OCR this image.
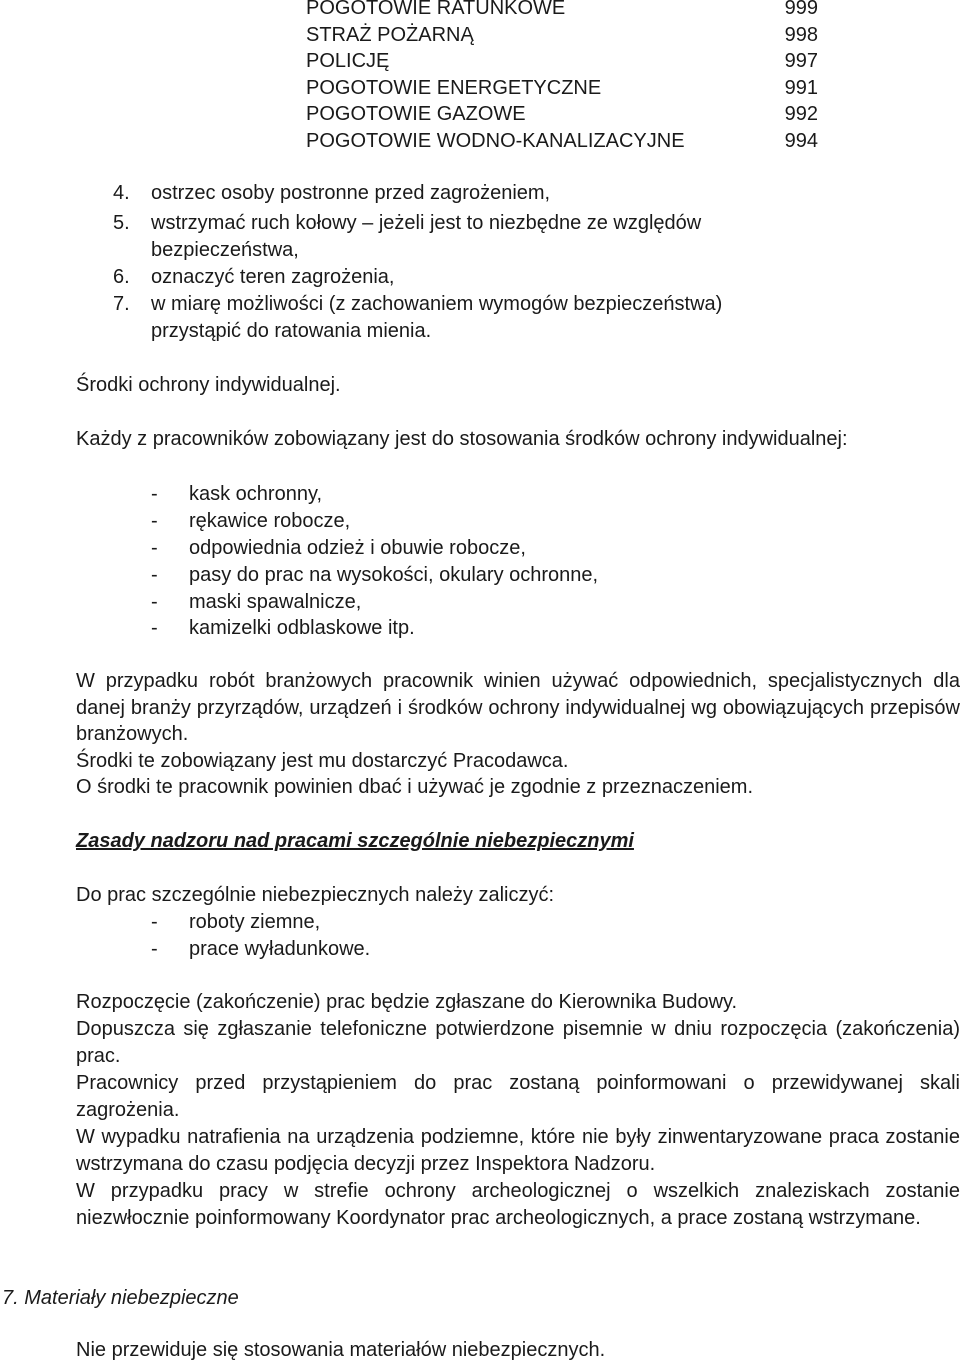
POGOTOWIE RATUNKOWE	999
STRAŻ POŻARNĄ	998
POLICJĘ	997
POGOTOWIE ENERGETYCZNE	991
POGOTOWIE GAZOWE	992
POGOTOWIE WODNO-KANALIZACYJNE	994
4. ostrzec osoby postronne przed zagrożeniem,
5. wstrzymać ruch kołowy – jeżeli jest to niezbędne ze względów
bezpieczeństwa,
6. oznaczyć teren zagrożenia,
7. w miarę możliwości (z zachowaniem wymogów bezpieczeństwa)
przystąpić do ratowania mienia.
Środki ochrony indywidualnej.
Każdy z pracowników zobowiązany jest do stosowania środków ochrony indywidualnej:
- kask ochronny,
- rękawice robocze,
- odpowiednia odzież i obuwie robocze,
- pasy do prac na wysokości, okulary ochronne,
- maski spawalnicze,
- kamizelki odblaskowe itp.
W przypadku robót branżowych pracownik winien używać odpowiednich, specjalistycznych dla danej branży przyrządów, urządzeń i środków ochrony indywidualnej wg obowiązujących przepisów branżowych.
Środki te zobowiązany jest mu dostarczyć Pracodawca.
O środki te pracownik powinien dbać i używać je zgodnie z przeznaczeniem.
Zasady nadzoru nad pracami szczególnie niebezpiecznymi
Do prac szczególnie niebezpiecznych należy zaliczyć:
- roboty ziemne,
- prace wyładunkowe.
Rozpoczęcie (zakończenie) prac będzie zgłaszane do Kierownika Budowy.
Dopuszcza się zgłaszanie telefoniczne potwierdzone pisemnie w dniu rozpoczęcia (zakończenia) prac.
Pracownicy przed przystąpieniem do prac zostaną poinformowani o przewidywanej skali zagrożenia.
W wypadku natrafienia na urządzenia podziemne, które nie były zinwentaryzowane praca zostanie wstrzymana do czasu podjęcia decyzji przez Inspektora Nadzoru.
W przypadku pracy w strefie ochrony archeologicznej o wszelkich znaleziskach zostanie niezwłocznie poinformowany Koordynator prac archeologicznych, a prace zostaną wstrzymane.
7. Materiały niebezpieczne
Nie przewiduje się stosowania materiałów niebezpiecznych.
